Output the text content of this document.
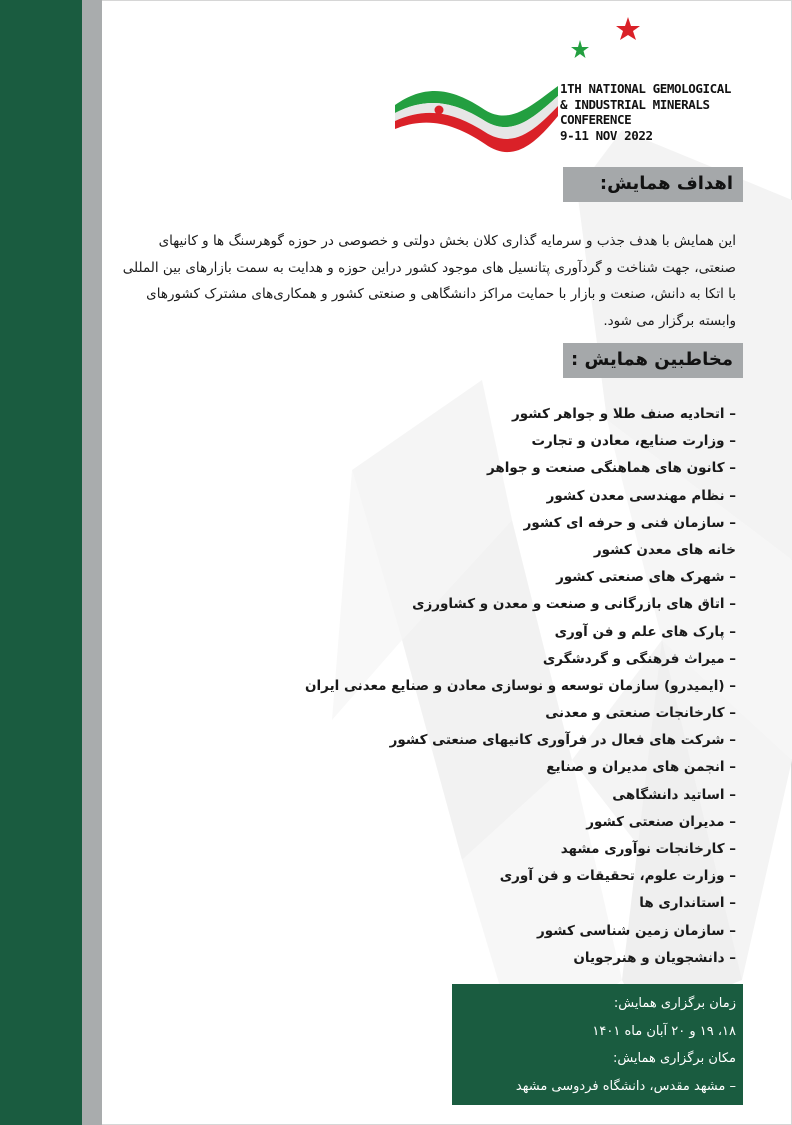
1TH NATIONAL GEMOLOGICAL
& INDUSTRIAL MINERALS
CONFERENCE
9-11 NOV 2022
اهداف همایش:
این همایش با هدف جذب و سرمایه گذاری کلان بخش دولتی و خصوصی در حوزه گوهرسنگ ها و کانیهای
صنعتی، جهت شناخت و گردآوری پتانسیل های موجود کشور دراین حوزه و هدایت به سمت بازارهای بین المللی
با اتکا به دانش، صنعت و بازار با حمایت مراکز دانشگاهی و صنعتی کشور و همکاری‌های مشترک کشورهای
وابسته برگزار می شود.
مخاطبین همایش :
– اتحادیه صنف طلا و جواهر کشور
– وزارت صنایع، معادن و تجارت
– کانون های هماهنگی صنعت و جواهر
– نظام مهندسی معدن کشور
– سازمان فنی و حرفه ای کشور
خانه های معدن کشور
– شهرک های صنعتی کشور
– اتاق های بازرگانی و صنعت و معدن و کشاورزی
– پارک های علم و فن آوری
– میراث فرهنگی و گردشگری
– (ایمیدرو) سازمان توسعه و نوسازی معادن و صنایع معدنی ایران
– کارخانجات صنعتی و معدنی
– شرکت های فعال در فرآوری کانیهای صنعتی کشور
– انجمن های مدیران و صنایع
– اساتید دانشگاهی
– مدیران صنعتی کشور
– کارخانجات نوآوری مشهد
– وزارت علوم، تحقیقات و فن آوری
– استانداری ها
– سازمان زمین شناسی کشور
– دانشجویان و هنرجویان
زمان برگزاری همایش:
۱۸، ۱۹ و ۲۰ آبان ماه ۱۴۰۱
مکان برگزاری همایش:
– مشهد مقدس، دانشگاه فردوسی مشهد
